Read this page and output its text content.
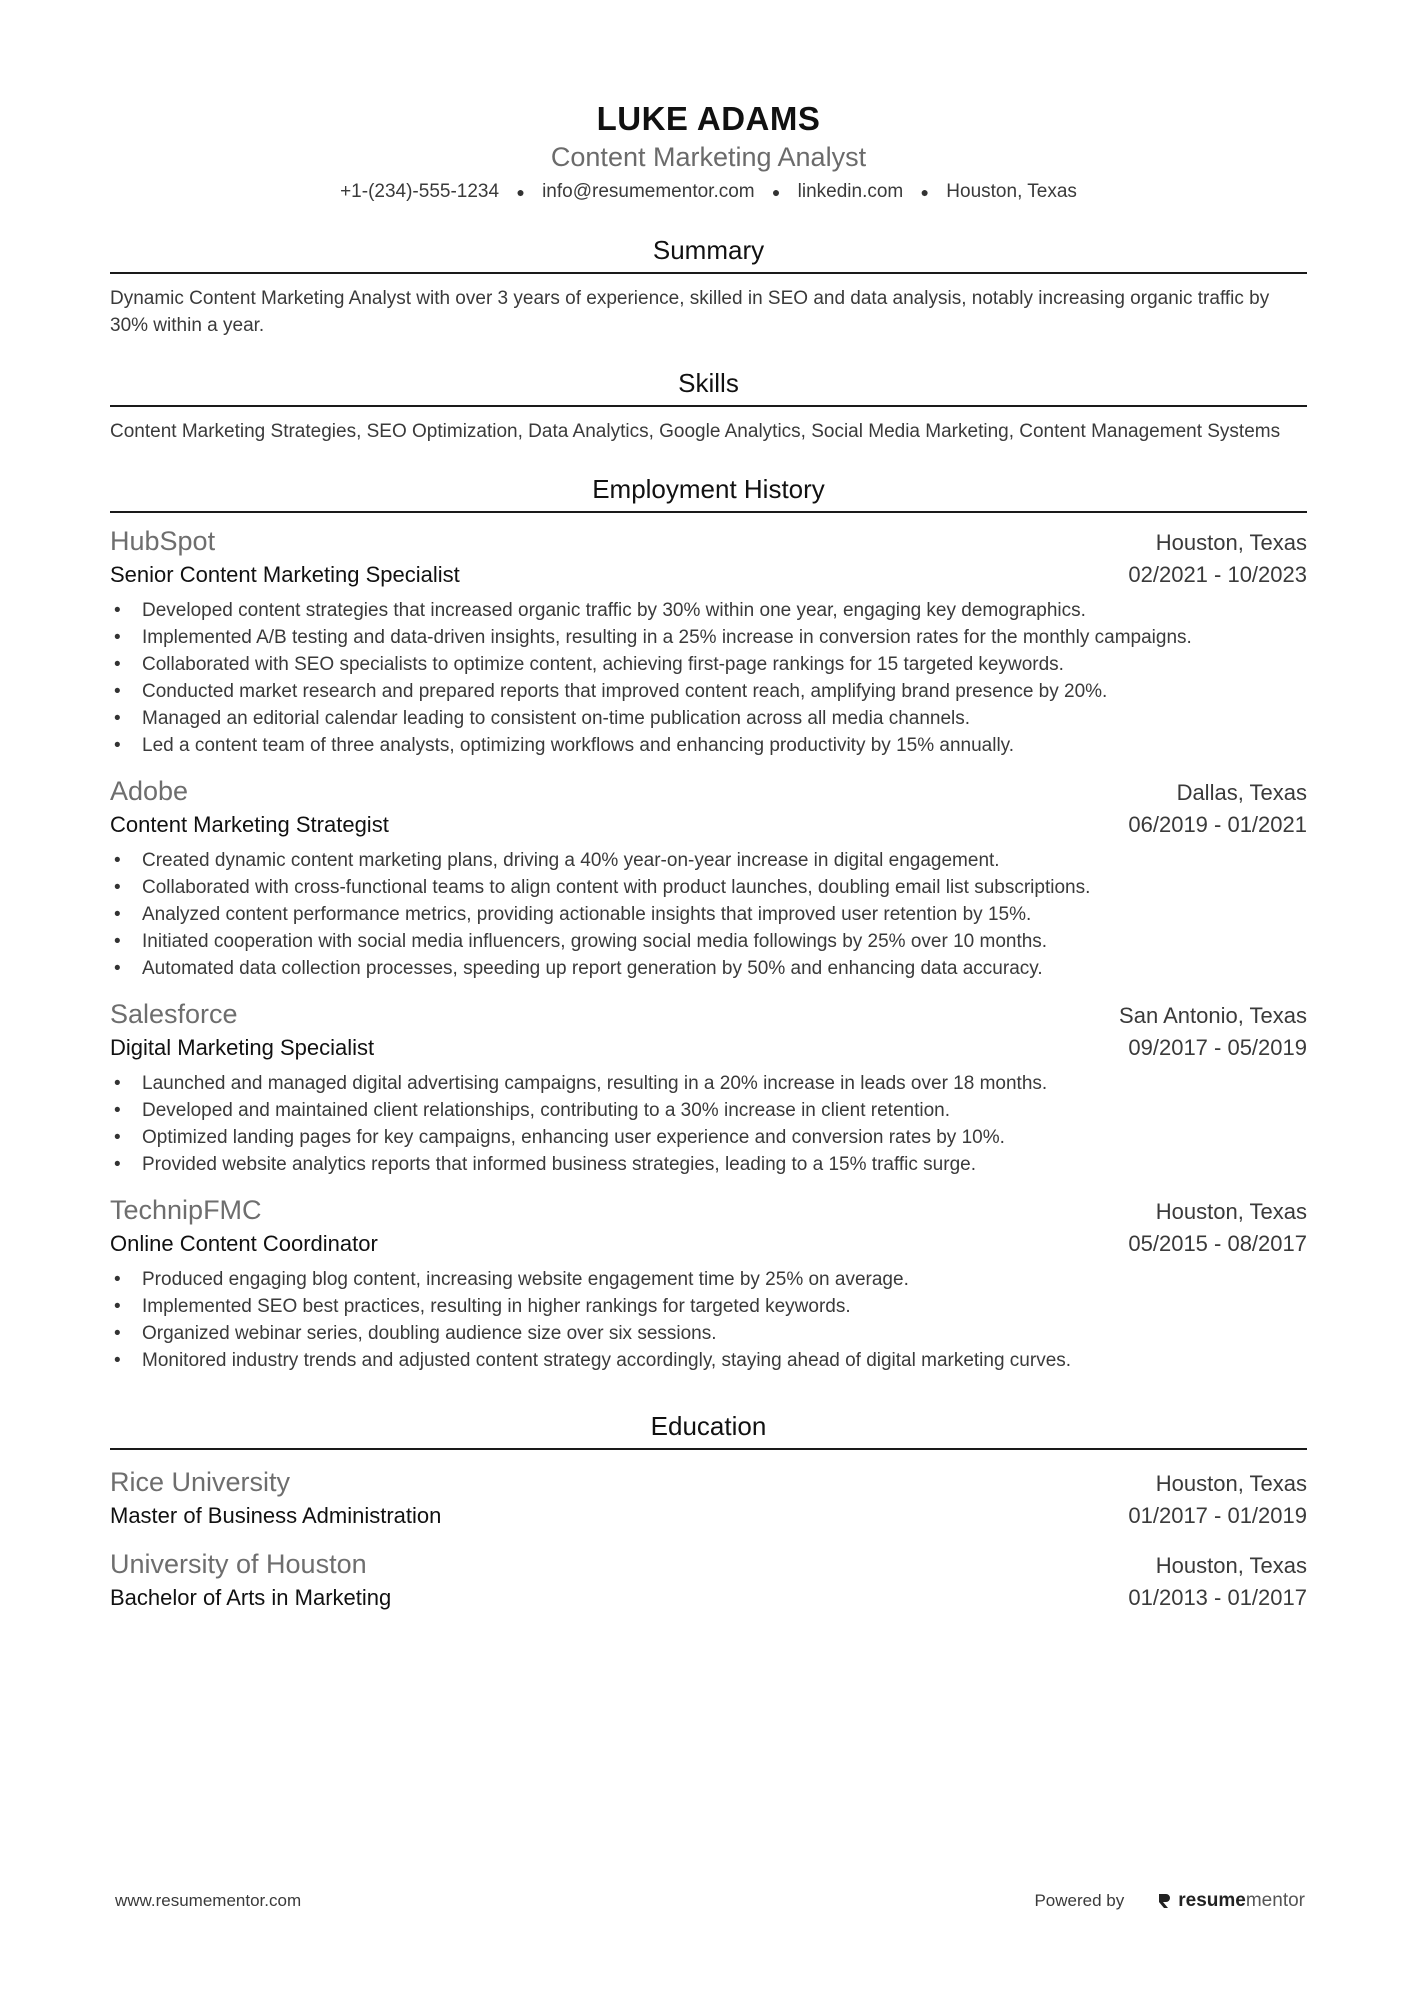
LUKE ADAMS
Content Marketing Analyst
+1-(234)-555-1234 ● info@resumementor.com ● linkedin.com ● Houston, Texas
Summary
Dynamic Content Marketing Analyst with over 3 years of experience, skilled in SEO and data analysis, notably increasing organic traffic by 30% within a year.
Skills
Content Marketing Strategies, SEO Optimization, Data Analytics, Google Analytics, Social Media Marketing, Content Management Systems
Employment History
HubSpot	Houston, Texas
Senior Content Marketing Specialist	02/2021 - 10/2023
• Developed content strategies that increased organic traffic by 30% within one year, engaging key demographics.
• Implemented A/B testing and data-driven insights, resulting in a 25% increase in conversion rates for the monthly campaigns.
• Collaborated with SEO specialists to optimize content, achieving first-page rankings for 15 targeted keywords.
• Conducted market research and prepared reports that improved content reach, amplifying brand presence by 20%.
• Managed an editorial calendar leading to consistent on-time publication across all media channels.
• Led a content team of three analysts, optimizing workflows and enhancing productivity by 15% annually.
Adobe	Dallas, Texas
Content Marketing Strategist	06/2019 - 01/2021
• Created dynamic content marketing plans, driving a 40% year-on-year increase in digital engagement.
• Collaborated with cross-functional teams to align content with product launches, doubling email list subscriptions.
• Analyzed content performance metrics, providing actionable insights that improved user retention by 15%.
• Initiated cooperation with social media influencers, growing social media followings by 25% over 10 months.
• Automated data collection processes, speeding up report generation by 50% and enhancing data accuracy.
Salesforce	San Antonio, Texas
Digital Marketing Specialist	09/2017 - 05/2019
• Launched and managed digital advertising campaigns, resulting in a 20% increase in leads over 18 months.
• Developed and maintained client relationships, contributing to a 30% increase in client retention.
• Optimized landing pages for key campaigns, enhancing user experience and conversion rates by 10%.
• Provided website analytics reports that informed business strategies, leading to a 15% traffic surge.
TechnipFMC	Houston, Texas
Online Content Coordinator	05/2015 - 08/2017
• Produced engaging blog content, increasing website engagement time by 25% on average.
• Implemented SEO best practices, resulting in higher rankings for targeted keywords.
• Organized webinar series, doubling audience size over six sessions.
• Monitored industry trends and adjusted content strategy accordingly, staying ahead of digital marketing curves.
Education
Rice University	Houston, Texas
Master of Business Administration	01/2017 - 01/2019
University of Houston	Houston, Texas
Bachelor of Arts in Marketing	01/2013 - 01/2017
www.resumementor.com	Powered by	resume mentor
